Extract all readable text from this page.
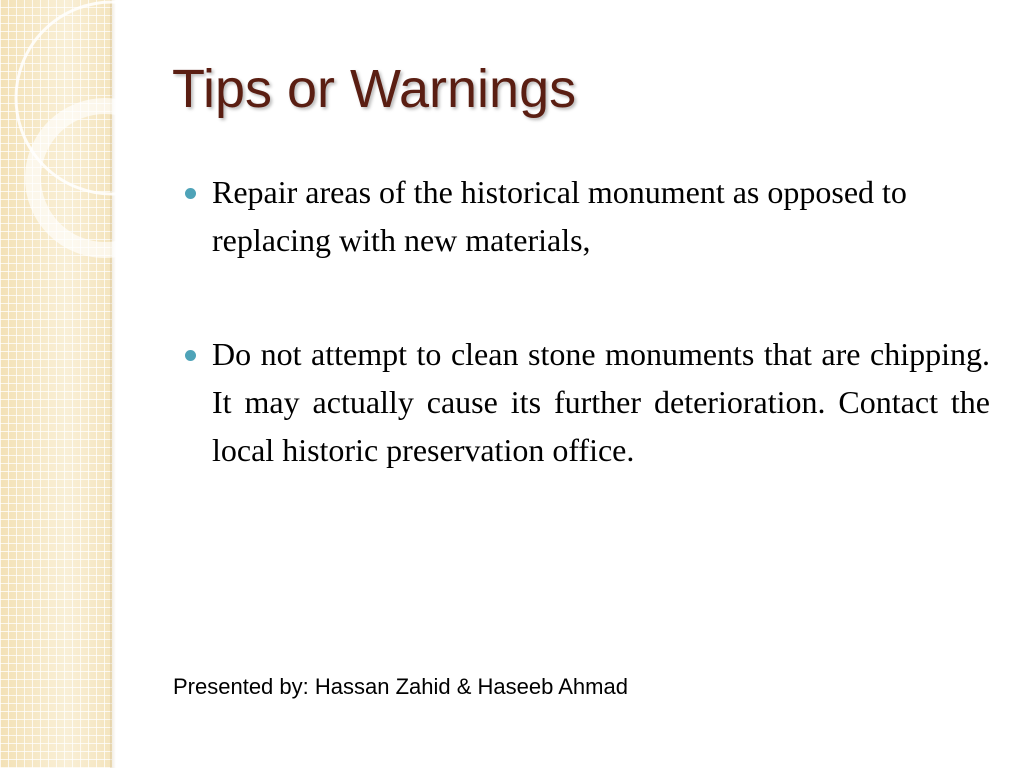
Tips or Warnings
Repair areas of the historical monument as opposed to replacing with new materials,
Do not attempt to clean stone monuments that are chipping. It may actually cause its further deterioration. Contact the local historic preservation office.
Presented by: Hassan Zahid & Haseeb Ahmad
